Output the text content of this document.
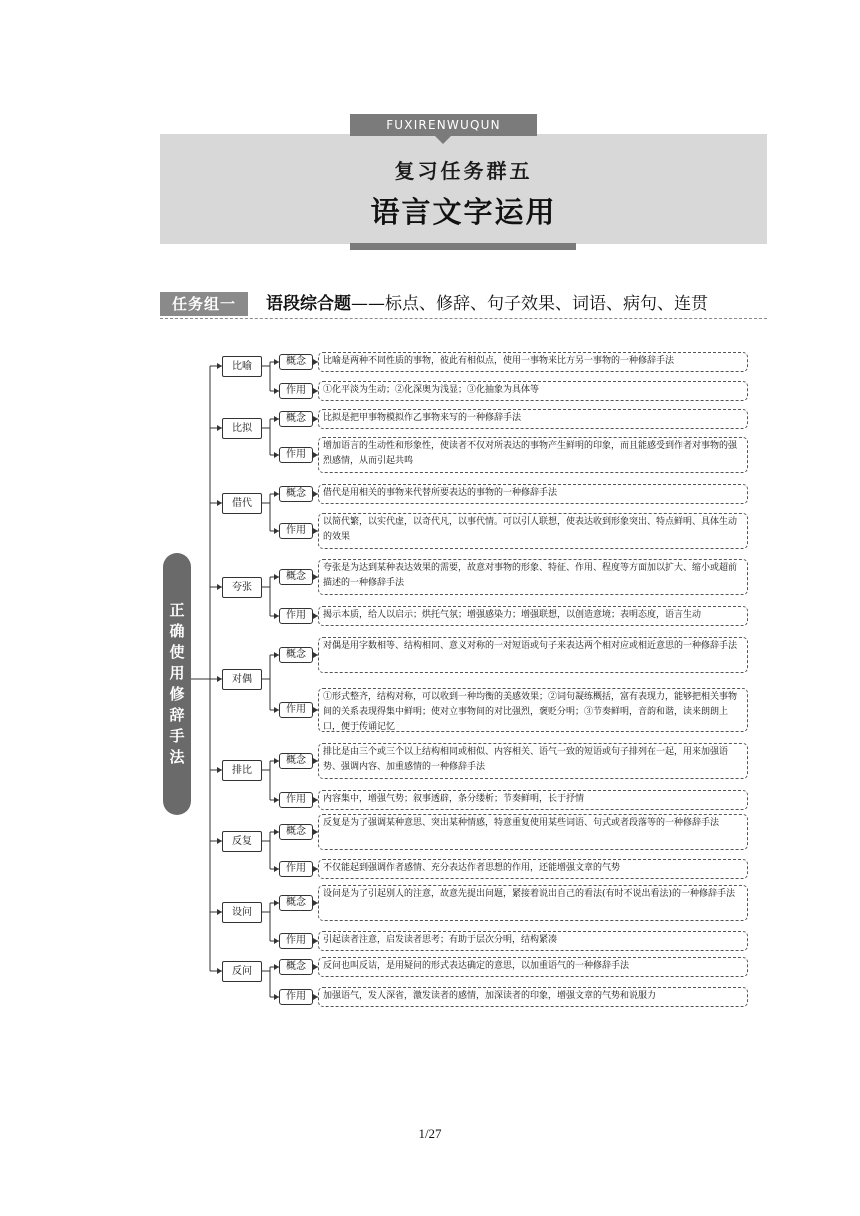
FUXIRENWUQUN
复习任务群五
语言文字运用
任务组一	语段综合题——标点、修辞、句子效果、词语、病句、连贯
正确使用修辞手法
比喻	概念
作用
比喻是两种不同性质的事物，彼此有相似点，使用一事物来比方另一事物的一种修辞手法
①化平淡为生动；②化深奥为浅显；③化抽象为具体等
比拟
概念
作用
比拟是把甲事物模拟作乙事物来写的一种修辞手法
增加语言的生动性和形象性，使读者不仅对所表达的事物产生鲜明的印象，而且能感受到作者对事物的强烈感情，从而引起共鸣
借代
概念
作用
借代是用相关的事物来代替所要表达的事物的一种修辞手法
以简代繁，以实代虚，以奇代凡，以事代情。可以引人联想，使表达收到形象突出、特点鲜明、具体生动的效果
夸张
概念
作用
夸张是为达到某种表达效果的需要，故意对事物的形象、特征、作用、程度等方面加以扩大、缩小或超前描述的一种修辞手法
揭示本质，给人以启示；烘托气氛；增强感染力；增强联想，以创造意境；表明态度，语言生动
对偶
概念
作用
对偶是用字数相等、结构相同、意义对称的一对短语或句子来表达两个相对应或相近意思的一种修辞手法
①形式整齐，结构对称，可以收到一种均衡的美感效果；②词句凝练概括，富有表现力，能够把相关事物间的关系表现得集中鲜明；使对立事物间的对比强烈，褒贬分明；③节奏鲜明，音韵和谐，读来朗朗上口，便于传诵记忆
排比
概念
作用
排比是由三个或三个以上结构相同或相似、内容相关、语气一致的短语或句子排列在一起，用来加强语势、强调内容、加重感情的一种修辞手法
内容集中，增强气势；叙事透辟，条分缕析；节奏鲜明，长于抒情
反复
概念
作用
反复是为了强调某种意思、突出某种情感，特意重复使用某些词语、句式或者段落等的一种修辞手法
不仅能起到强调作者感情、充分表达作者思想的作用，还能增强文章的气势
设问
概念
作用
设问是为了引起别人的注意，故意先提出问题，紧接着说出自己的看法(有时不说出看法)的一种修辞手法
引起读者注意，启发读者思考；有助于层次分明，结构紧凑
反问	概念
作用
反问也叫反诘，是用疑问的形式表达确定的意思，以加重语气的一种修辞手法
加强语气，发人深省，激发读者的感情，加深读者的印象，增强文章的气势和说服力
1/27
